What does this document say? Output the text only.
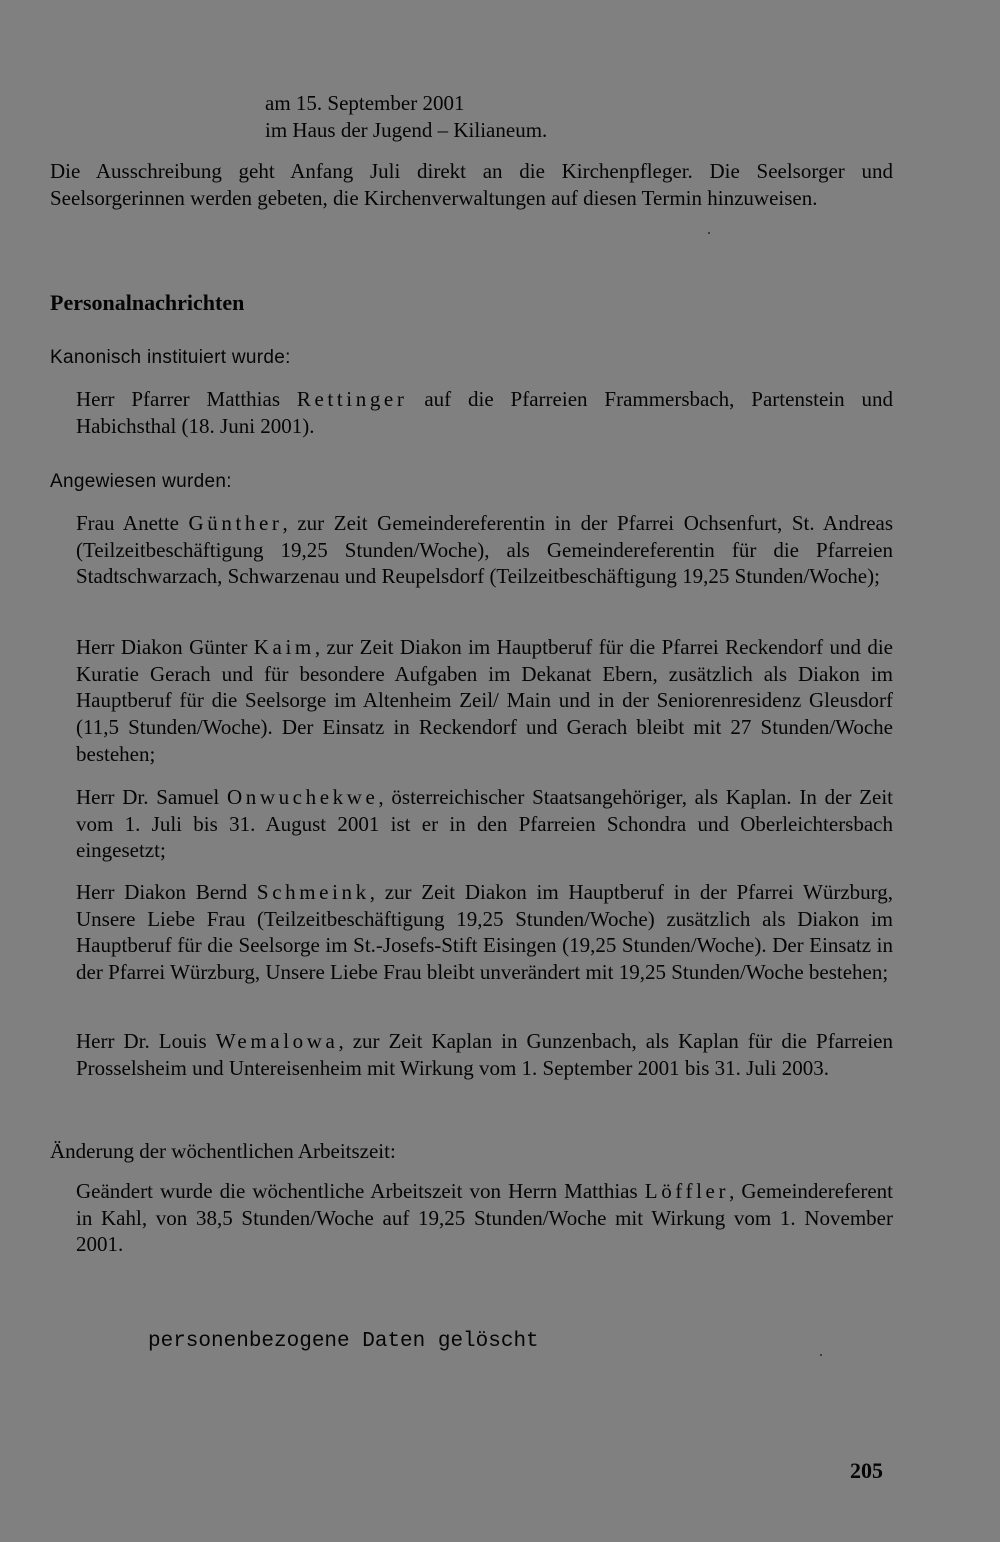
am 15. September 2001
im Haus der Jugend – Kilianeum.

Die Ausschreibung geht Anfang Juli direkt an die Kirchenpfleger. Die Seelsorger und Seelsorgerinnen werden gebeten, die Kirchenverwaltungen auf diesen Termin hinzuweisen.

Personalnachrichten

Kanonisch instituiert wurde:

Herr Pfarrer Matthias Rettinger auf die Pfarreien Frammersbach, Partenstein und Habichsthal (18. Juni 2001).

Angewiesen wurden:

Frau Anette Günther, zur Zeit Gemeindereferentin in der Pfarrei Ochsenfurt, St. Andreas (Teilzeitbeschäftigung 19,25 Stunden/Woche), als Gemeindereferentin für die Pfarreien Stadtschwarzach, Schwarzenau und Reupelsdorf (Teilzeitbeschäftigung 19,25 Stunden/Woche);

Herr Diakon Günter Kaim, zur Zeit Diakon im Hauptberuf für die Pfarrei Reckendorf und die Kuratie Gerach und für besondere Aufgaben im Dekanat Ebern, zusätzlich als Diakon im Hauptberuf für die Seelsorge im Altenheim Zeil/ Main und in der Seniorenresidenz Gleusdorf (11,5 Stunden/Woche). Der Einsatz in Reckendorf und Gerach bleibt mit 27 Stunden/Woche bestehen;

Herr Dr. Samuel Onwuchekwe, österreichischer Staatsangehöriger, als Kaplan. In der Zeit vom 1. Juli bis 31. August 2001 ist er in den Pfarreien Schondra und Oberleichtersbach eingesetzt;

Herr Diakon Bernd Schmeink, zur Zeit Diakon im Hauptberuf in der Pfarrei Würzburg, Unsere Liebe Frau (Teilzeitbeschäftigung 19,25 Stunden/Woche) zusätzlich als Diakon im Hauptberuf für die Seelsorge im St.-Josefs-Stift Eisingen (19,25 Stunden/Woche). Der Einsatz in der Pfarrei Würzburg, Unsere Liebe Frau bleibt unverändert mit 19,25 Stunden/Woche bestehen;

Herr Dr. Louis Wemalowa, zur Zeit Kaplan in Gunzenbach, als Kaplan für die Pfarreien Prosselsheim und Untereisenheim mit Wirkung vom 1. September 2001 bis 31. Juli 2003.

Änderung der wöchentlichen Arbeitszeit:

Geändert wurde die wöchentliche Arbeitszeit von Herrn Matthias Löffler, Gemeindereferent in Kahl, von 38,5 Stunden/Woche auf 19,25 Stunden/Woche mit Wirkung vom 1. November 2001.

personenbezogene Daten gelöscht

205
